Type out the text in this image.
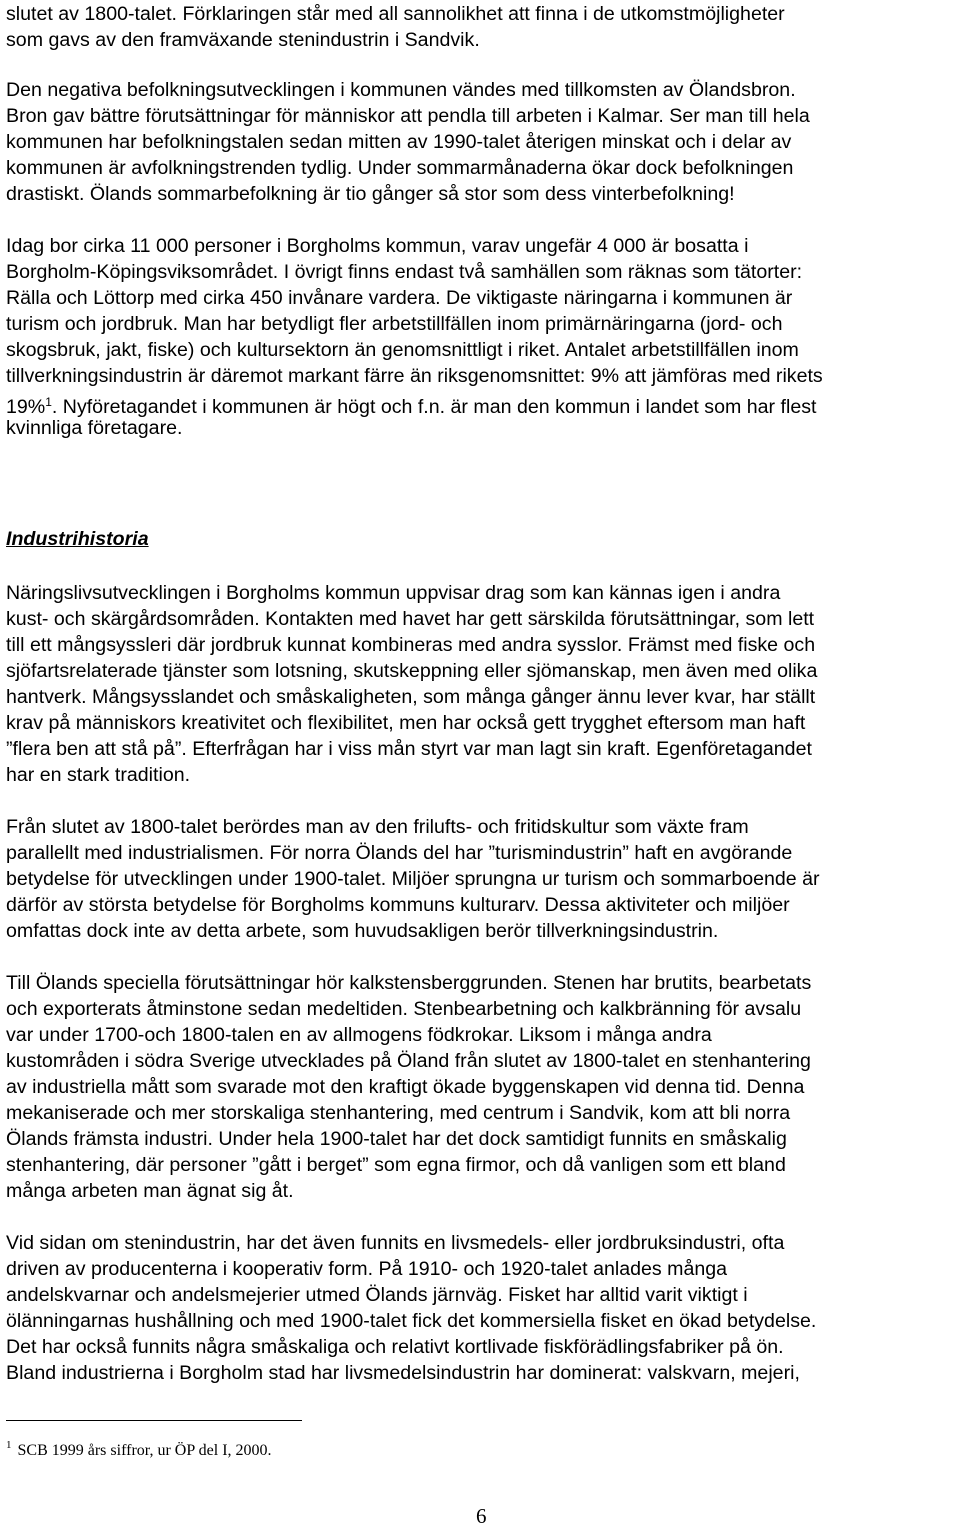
slutet av 1800-talet. Förklaringen står med all sannolikhet att finna i de utkomstmöjligheter
som gavs av den framväxande stenindustrin i Sandvik.
Den negativa befolkningsutvecklingen i kommunen vändes med tillkomsten av Ölandsbron.
Bron gav bättre förutsättningar för människor att pendla till arbeten i Kalmar. Ser man till hela
kommunen har befolkningstalen sedan mitten av 1990-talet återigen minskat och i delar av
kommunen är avfolkningstrenden tydlig. Under sommarmånaderna ökar dock befolkningen
drastiskt. Ölands sommarbefolkning är tio gånger så stor som dess vinterbefolkning!
Idag bor cirka 11 000 personer i Borgholms kommun, varav ungefär 4 000 är bosatta i
Borgholm-Köpingsviksområdet. I övrigt finns endast två samhällen som räknas som tätorter:
Rälla och Löttorp med cirka 450 invånare vardera. De viktigaste näringarna i kommunen är
turism och jordbruk. Man har betydligt fler arbetstillfällen inom primärnäringarna (jord- och
skogsbruk, jakt, fiske) och kultursektorn än genomsnittligt i riket. Antalet arbetstillfällen inom
tillverkningsindustrin är däremot markant färre än riksgenomsnittet: 9% att jämföras med rikets
19%$^1$. Nyföretagandet i kommunen är högt och f.n. är man den kommun i landet som har flest
kvinnliga företagare.
Industrihistoria
Näringslivsutvecklingen i Borgholms kommun uppvisar drag som kan kännas igen i andra
kust- och skärgårdsområden. Kontakten med havet har gett särskilda förutsättningar, som lett
till ett mångsyssleri där jordbruk kunnat kombineras med andra sysslor. Främst med fiske och
sjöfartsrelaterade tjänster som lotsning, skutskeppning eller sjömanskap, men även med olika
hantverk. Mångsysslandet och småskaligheten, som många gånger ännu lever kvar, har ställt
krav på människors kreativitet och flexibilitet, men har också gett trygghet eftersom man haft
”flera ben att stå på”. Efterfrågan har i viss mån styrt var man lagt sin kraft. Egenföretagandet
har en stark tradition.
Från slutet av 1800-talet berördes man av den frilufts- och fritidskultur som växte fram
parallellt med industrialismen. För norra Ölands del har ”turismindustrin” haft en avgörande
betydelse för utvecklingen under 1900-talet. Miljöer sprungna ur turism och sommarboende är
därför av största betydelse för Borgholms kommuns kulturarv. Dessa aktiviteter och miljöer
omfattas dock inte av detta arbete, som huvudsakligen berör tillverkningsindustrin.
Till Ölands speciella förutsättningar hör kalkstensberggrunden. Stenen har brutits, bearbetats
och exporterats åtminstone sedan medeltiden. Stenbearbetning och kalkbränning för avsalu
var under 1700-och 1800-talen en av allmogens födkrokar. Liksom i många andra
kustområden i södra Sverige utvecklades på Öland från slutet av 1800-talet en stenhantering
av industriella mått som svarade mot den kraftigt ökade byggenskapen vid denna tid. Denna
mekaniserade och mer storskaliga stenhantering, med centrum i Sandvik, kom att bli norra
Ölands främsta industri. Under hela 1900-talet har det dock samtidigt funnits en småskalig
stenhantering, där personer ”gått i berget” som egna firmor, och då vanligen som ett bland
många arbeten man ägnat sig åt.
Vid sidan om stenindustrin, har det även funnits en livsmedels- eller jordbruksindustri, ofta
driven av producenterna i kooperativ form. På 1910- och 1920-talet anlades många
andelskvarnar och andelsmejerier utmed Ölands järnväg. Fisket har alltid varit viktigt i
ölänningarnas hushållning och med 1900-talet fick det kommersiella fisket en ökad betydelse.
Det har också funnits några småskaliga och relativt kortlivade fiskförädlingsfabriker på ön.
Bland industrierna i Borgholm stad har livsmedelsindustrin har dominerat: valskvarn, mejeri,
$^1$ SCB 1999 års siffror, ur ÖP del I, 2000.
6
